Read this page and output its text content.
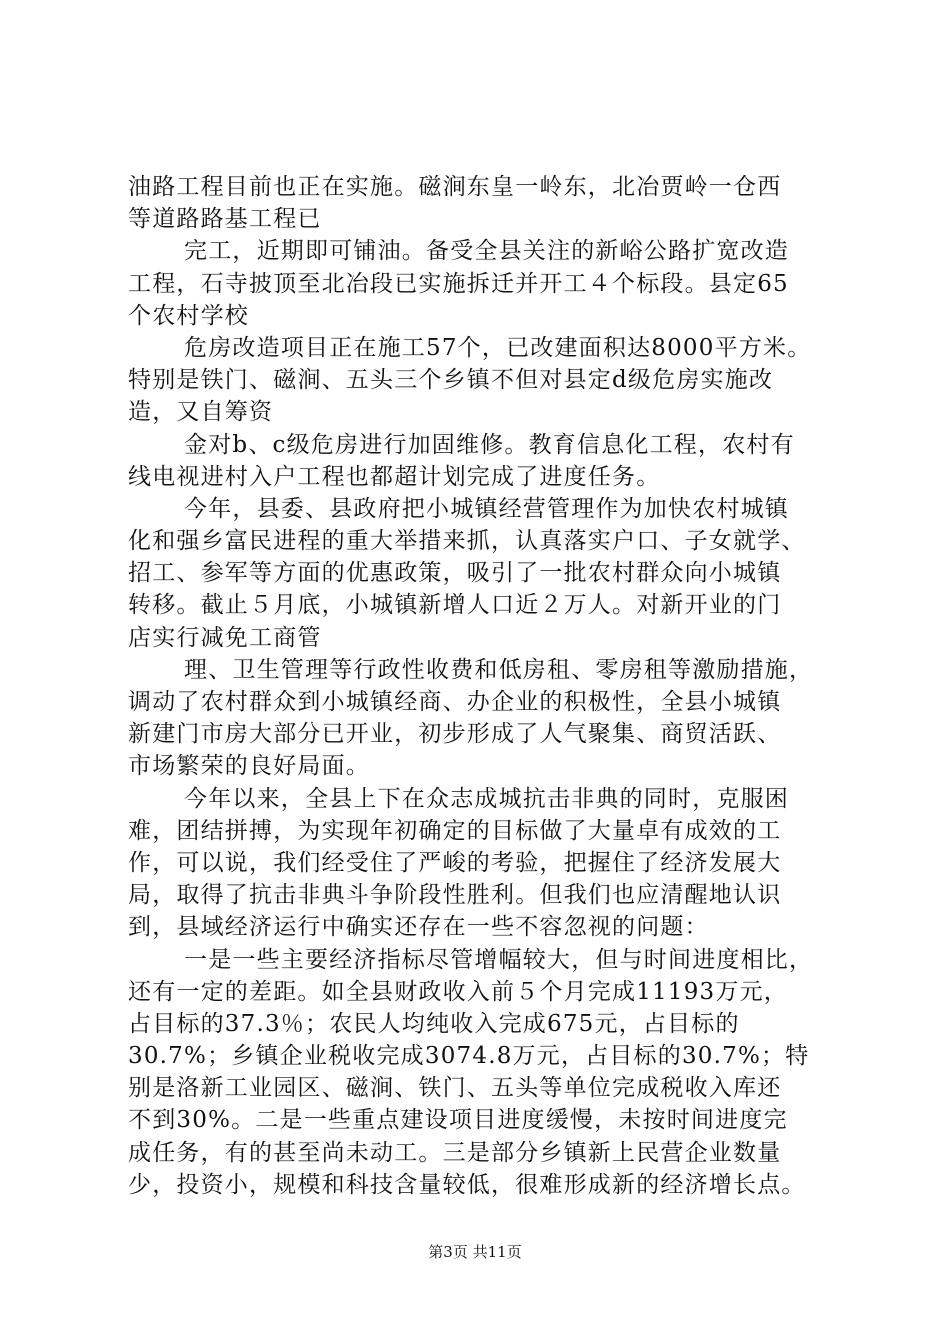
油路工程目前也正在实施。磁涧东皇一岭东，北冶贾岭一仓西
等道路路基工程已
完工，近期即可铺油。备受全县关注的新峪公路扩宽改造
工程，石寺披顶至北冶段已实施拆迁并开工４个标段。县定65
个农村学校
危房改造项目正在施工57个，已改建面积达8000平方米。
特别是铁门、磁涧、五头三个乡镇不但对县定d级危房实施改
造，又自筹资
金对b、c级危房进行加固维修。教育信息化工程，农村有
线电视进村入户工程也都超计划完成了进度任务。
今年，县委、县政府把小城镇经营管理作为加快农村城镇
化和强乡富民进程的重大举措来抓，认真落实户口、子女就学、
招工、参军等方面的优惠政策，吸引了一批农村群众向小城镇
转移。截止５月底，小城镇新增人口近２万人。对新开业的门
店实行减免工商管
理、卫生管理等行政性收费和低房租、零房租等激励措施，
调动了农村群众到小城镇经商、办企业的积极性，全县小城镇
新建门市房大部分已开业，初步形成了人气聚集、商贸活跃、
市场繁荣的良好局面。
今年以来，全县上下在众志成城抗击非典的同时，克服困
难，团结拼搏，为实现年初确定的目标做了大量卓有成效的工
作，可以说，我们经受住了严峻的考验，把握住了经济发展大
局，取得了抗击非典斗争阶段性胜利。但我们也应清醒地认识
到，县域经济运行中确实还存在一些不容忽视的问题：
一是一些主要经济指标尽管增幅较大，但与时间进度相比，
还有一定的差距。如全县财政收入前５个月完成11193万元，
占目标的37.3％；农民人均纯收入完成675元，占目标的
30.7%；乡镇企业税收完成3074.8万元，占目标的30.7%；特
别是洛新工业园区、磁涧、铁门、五头等单位完成税收入库还
不到30%。二是一些重点建设项目进度缓慢，未按时间进度完
成任务，有的甚至尚未动工。三是部分乡镇新上民营企业数量
少，投资小，规模和科技含量较低，很难形成新的经济增长点。
第3页 共11页
